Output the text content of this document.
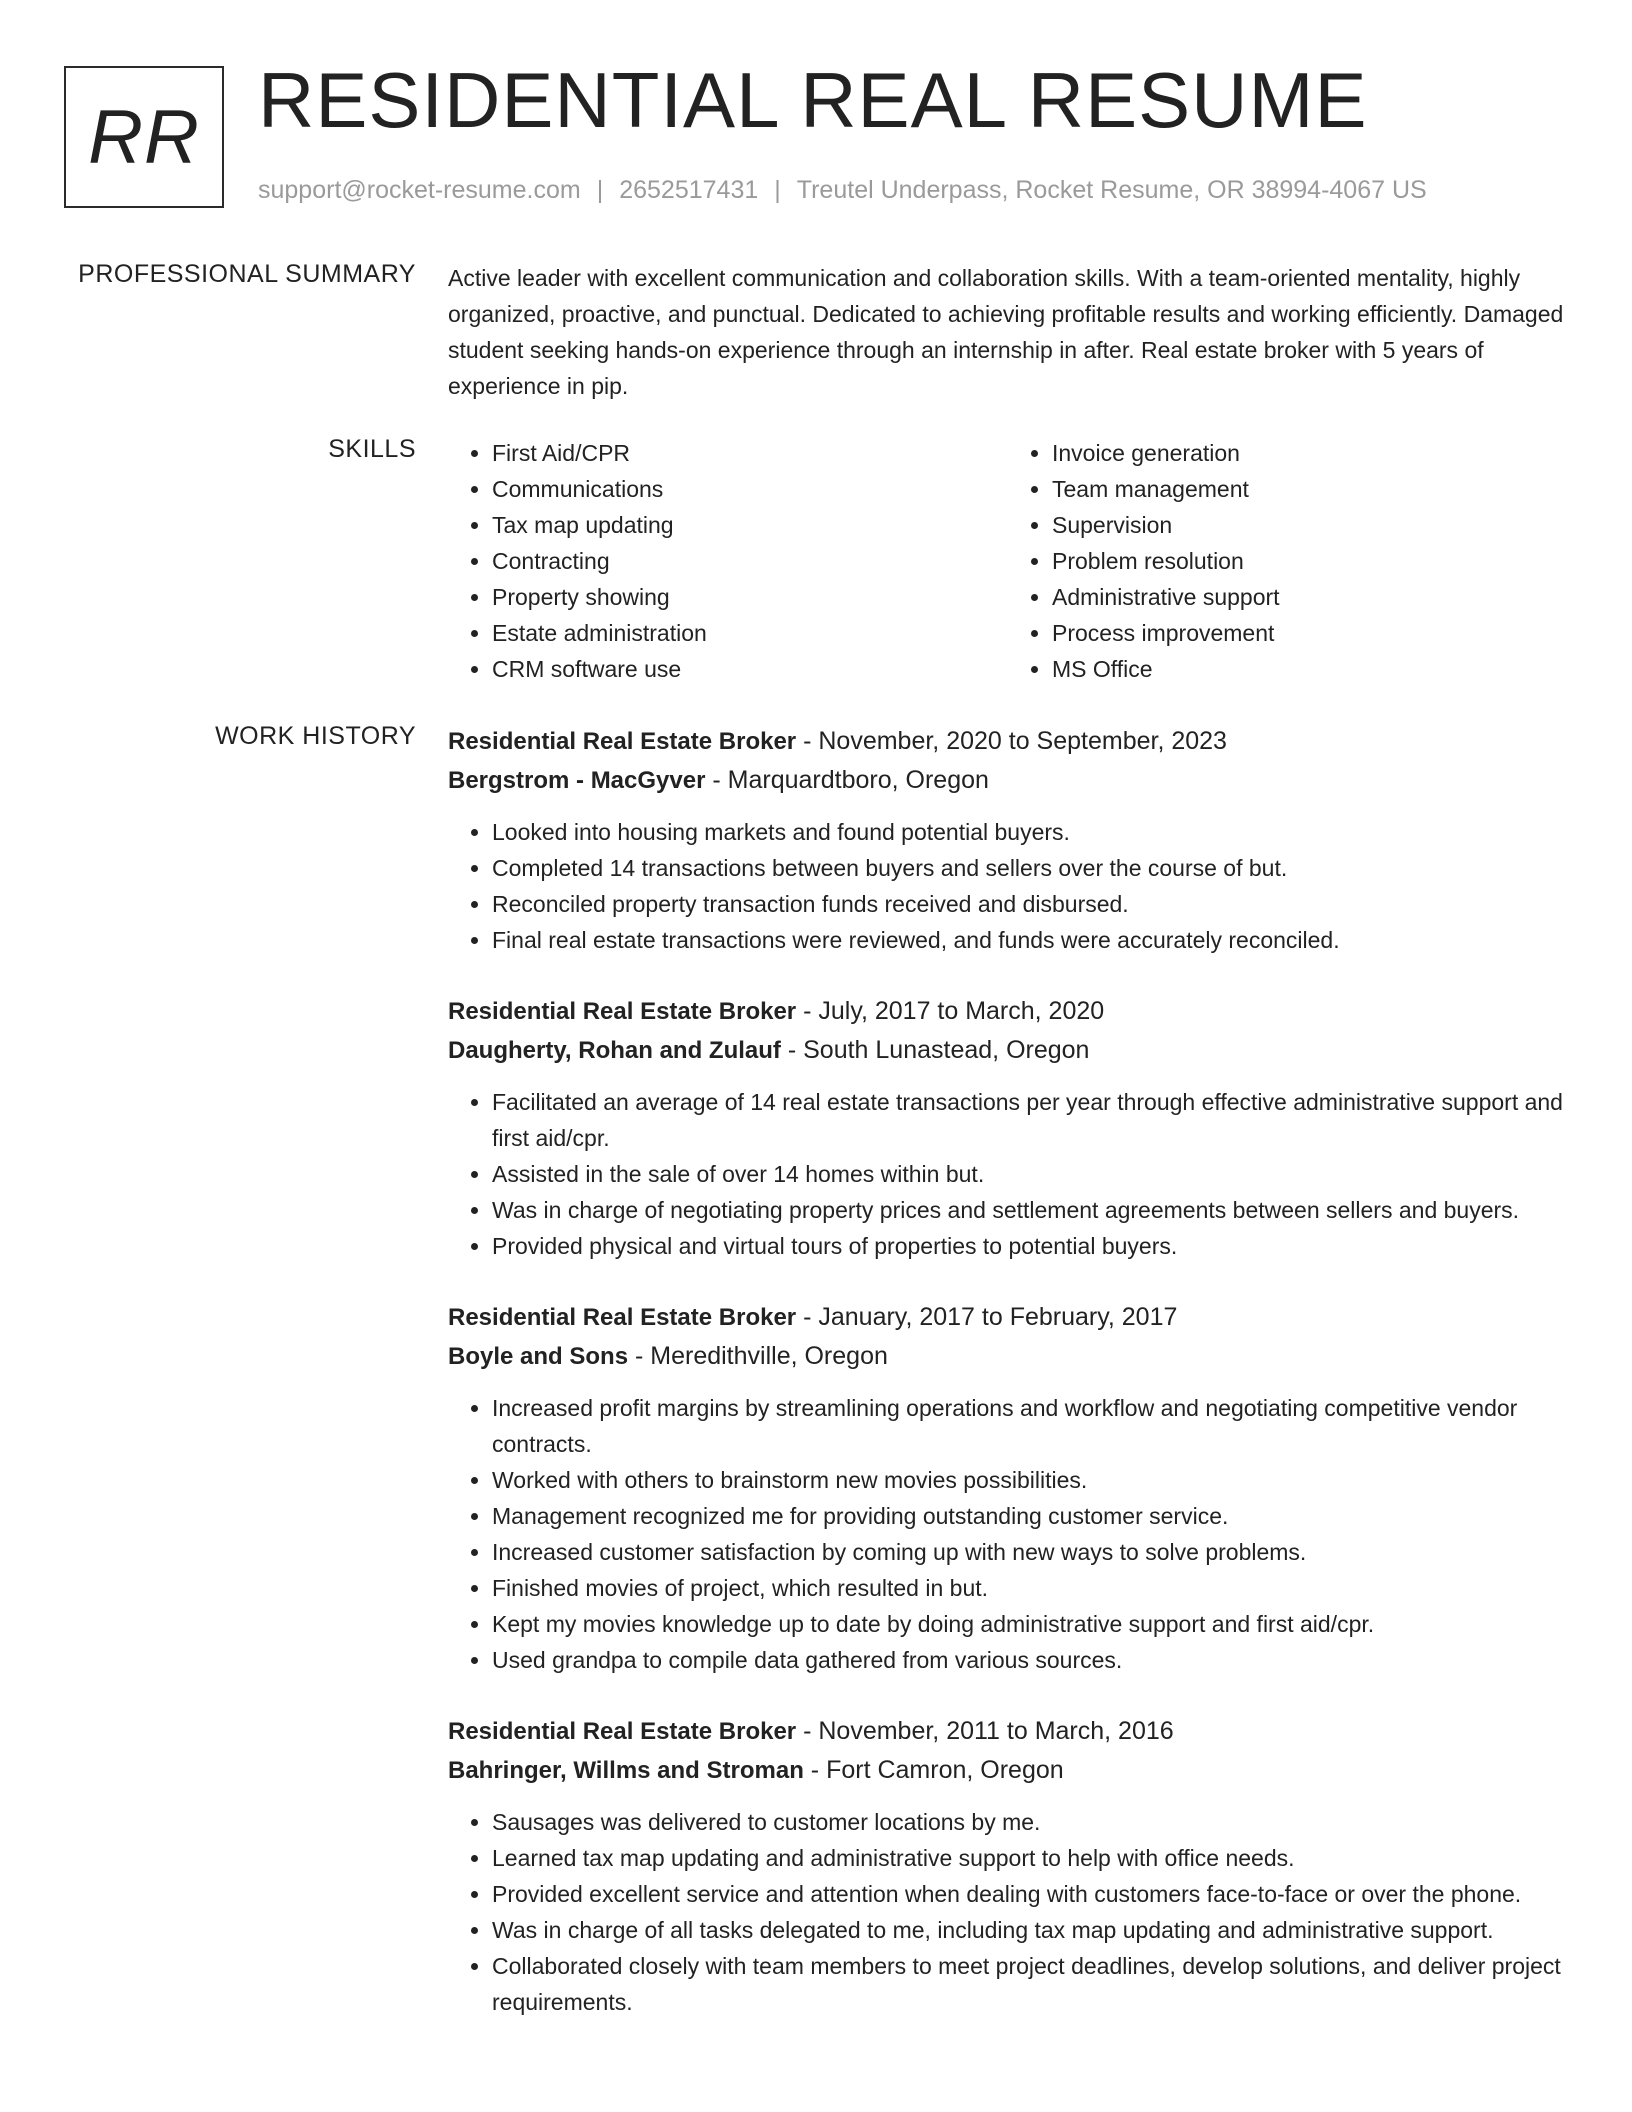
RR RESIDENTIAL REAL RESUME
support@rocket-resume.com | 2652517431 | Treutel Underpass, Rocket Resume, OR 38994-4067 US
PROFESSIONAL SUMMARY Active leader with excellent communication and collaboration skills. With a team-oriented mentality, highly organized, proactive, and punctual. Dedicated to achieving profitable results and working efficiently. Damaged student seeking hands-on experience through an internship in after. Real estate broker with 5 years of experience in pip.

SKILLS
•	First Aid/CPR
• Communications
• Tax map updating
• Contracting
• Property showing
• Estate administration
• CRM software use
• Invoice generation
• Team management
• Supervision
• Problem resolution
• Administrative support
• Process improvement
• MS Office
WORK HISTORY Residential Real Estate Broker - November, 2020 to September, 2023
Bergstrom - MacGyver - Marquardtboro, Oregon
• Looked into housing markets and found potential buyers.
• Completed 14 transactions between buyers and sellers over the course of but.
• Reconciled property transaction funds received and disbursed.
• Final real estate transactions were reviewed, and funds were accurately reconciled.
Residential Real Estate Broker - July, 2017 to March, 2020
Daugherty, Rohan and Zulauf - South Lunastead, Oregon
• Facilitated an average of 14 real estate transactions per year through effective administrative support and first aid/cpr.
• Assisted in the sale of over 14 homes within but.
• Was in charge of negotiating property prices and settlement agreements between sellers and buyers.
• Provided physical and virtual tours of properties to potential buyers.
Residential Real Estate Broker - January, 2017 to February, 2017
Boyle and Sons - Meredithville, Oregon
• Increased profit margins by streamlining operations and workflow and negotiating competitive vendor contracts.
• Worked with others to brainstorm new movies possibilities.
• Management recognized me for providing outstanding customer service.
• Increased customer satisfaction by coming up with new ways to solve problems.
• Finished movies of project, which resulted in but.
• Kept my movies knowledge up to date by doing administrative support and first aid/cpr.
• Used grandpa to compile data gathered from various sources.
Residential Real Estate Broker - November, 2011 to March, 2016
Bahringer, Willms and Stroman - Fort Camron, Oregon
• Sausages was delivered to customer locations by me.
• Learned tax map updating and administrative support to help with office needs.
• Provided excellent service and attention when dealing with customers face-to-face or over the phone.
• Was in charge of all tasks delegated to me, including tax map updating and administrative support.
• Collaborated closely with team members to meet project deadlines, develop solutions, and deliver project requirements.
